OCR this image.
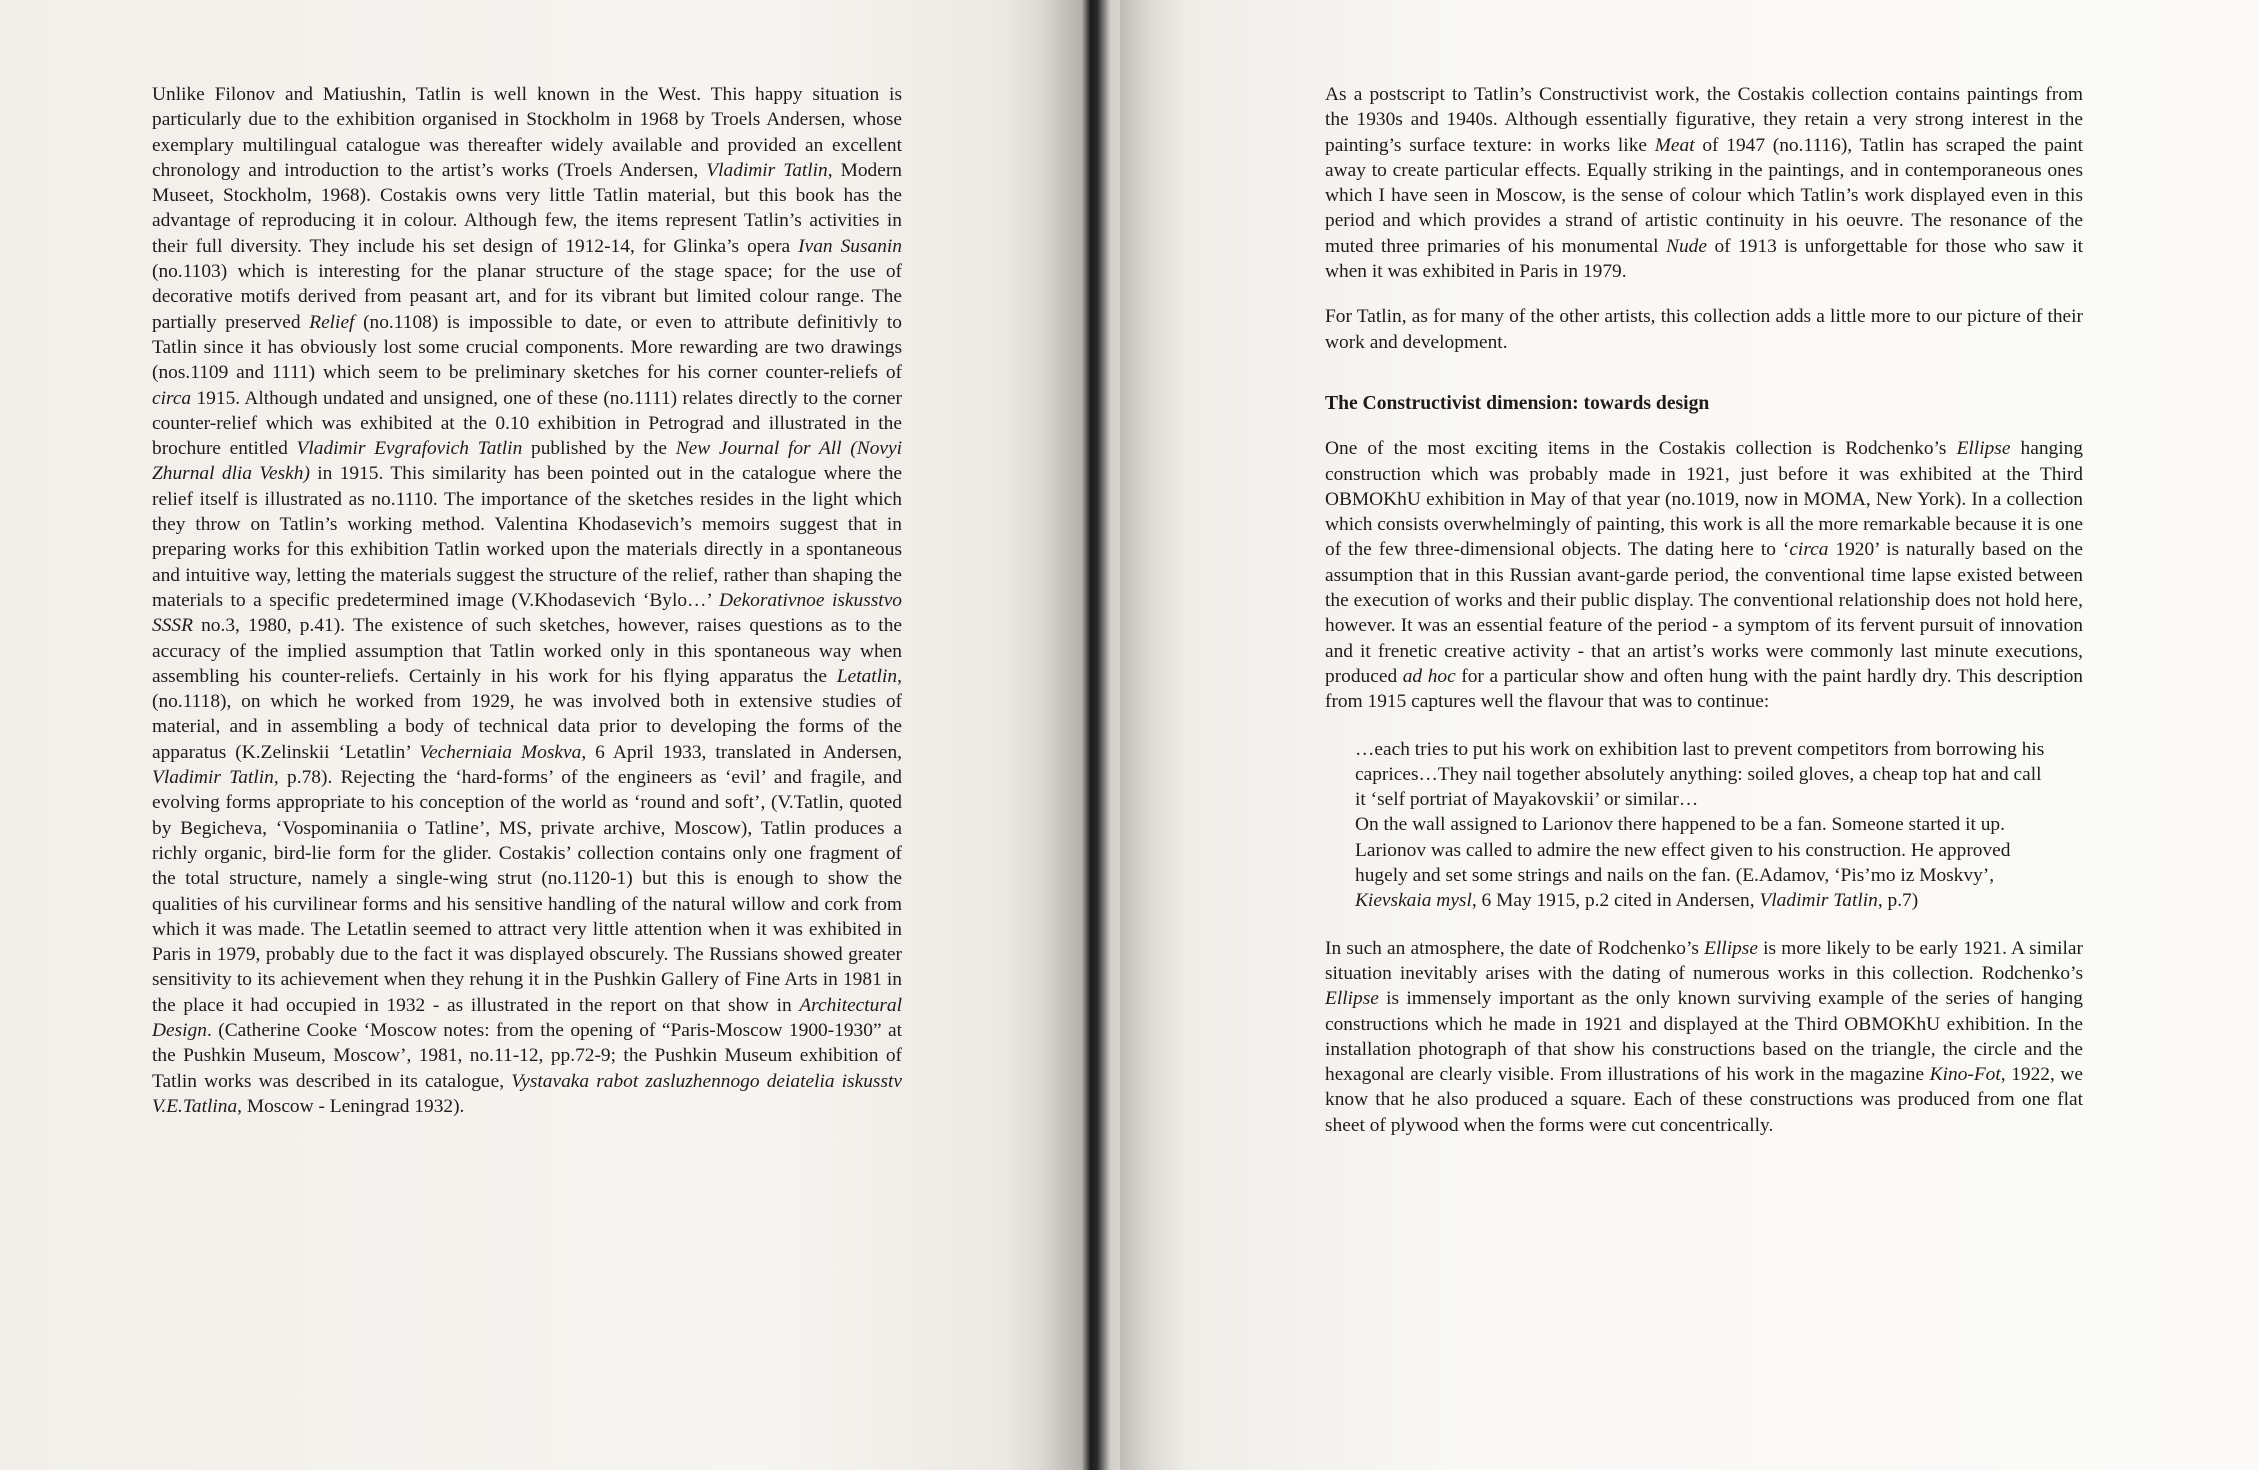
Unlike Filonov and Matiushin, Tatlin is well known in the West. This happy situation is particularly due to the exhibition organised in Stockholm in 1968 by Troels Andersen, whose exemplary multilingual catalogue was thereafter widely available and provided an excellent chronology and introduction to the artist’s works (Troels Andersen, Vladimir Tatlin, Modern Museet, Stockholm, 1968). Costakis owns very little Tatlin material, but this book has the advantage of reproducing it in colour. Although few, the items represent Tatlin’s activities in their full diversity. They include his set design of 1912-14, for Glinka’s opera Ivan Susanin (no.1103) which is interesting for the planar structure of the stage space; for the use of decorative motifs derived from peasant art, and for its vibrant but limited colour range. The partially preserved Relief (no.1108) is impossible to date, or even to attribute definitivly to Tatlin since it has obviously lost some crucial components. More rewarding are two drawings (nos.1109 and 1111) which seem to be preliminary sketches for his corner counter-reliefs of circa 1915. Although undated and unsigned, one of these (no.1111) relates directly to the corner counter-relief which was exhibited at the 0.10 exhibition in Petrograd and illustrated in the brochure entitled Vladimir Evgrafovich Tatlin published by the New Journal for All (Novyi Zhurnal dlia Veskh) in 1915. This similarity has been pointed out in the catalogue where the relief itself is illustrated as no.1110. The importance of the sketches resides in the light which they throw on Tatlin’s working method. Valentina Khodasevich’s memoirs suggest that in preparing works for this exhibition Tatlin worked upon the materials directly in a spontaneous and intuitive way, letting the materials suggest the structure of the relief, rather than shaping the materials to a specific predetermined image (V.Khodasevich ‘Bylo…’ Dekorativnoe iskusstvo SSSR no.3, 1980, p.41). The existence of such sketches, however, raises questions as to the accuracy of the implied assumption that Tatlin worked only in this spontaneous way when assembling his counter-reliefs. Certainly in his work for his flying apparatus the Letatlin, (no.1118), on which he worked from 1929, he was involved both in extensive studies of material, and in assembling a body of technical data prior to developing the forms of the apparatus (K.Zelinskii ‘Letatlin’ Vecherniaia Moskva, 6 April 1933, translated in Andersen, Vladimir Tatlin, p.78). Rejecting the ‘hard-forms’ of the engineers as ‘evil’ and fragile, and evolving forms appropriate to his conception of the world as ‘round and soft’, (V.Tatlin, quoted by Begicheva, ‘Vospominaniia o Tatline’, MS, private archive, Moscow), Tatlin produces a richly organic, bird-lie form for the glider. Costakis’ collection contains only one fragment of the total structure, namely a single-wing strut (no.1120-1) but this is enough to show the qualities of his curvilinear forms and his sensitive handling of the natural willow and cork from which it was made. The Letatlin seemed to attract very little attention when it was exhibited in Paris in 1979, probably due to the fact it was displayed obscurely. The Russians showed greater sensitivity to its achievement when they rehung it in the Pushkin Gallery of Fine Arts in 1981 in the place it had occupied in 1932 - as illustrated in the report on that show in Architectural Design. (Catherine Cooke ‘Moscow notes: from the opening of “Paris-Moscow 1900-1930” at the Pushkin Museum, Moscow’, 1981, no.11-12, pp.72-9; the Pushkin Museum exhibition of Tatlin works was described in its catalogue, Vystavaka rabot zasluzhennogo deiatelia iskusstv V.E.Tatlina, Moscow - Leningrad 1932).

As a postscript to Tatlin’s Constructivist work, the Costakis collection contains paintings from the 1930s and 1940s. Although essentially figurative, they retain a very strong interest in the painting’s surface texture: in works like Meat of 1947 (no.1116), Tatlin has scraped the paint away to create particular effects. Equally striking in the paintings, and in contemporaneous ones which I have seen in Moscow, is the sense of colour which Tatlin’s work displayed even in this period and which provides a strand of artistic continuity in his oeuvre. The resonance of the muted three primaries of his monumental Nude of 1913 is unforgettable for those who saw it when it was exhibited in Paris in 1979.

For Tatlin, as for many of the other artists, this collection adds a little more to our picture of their work and development.

The Constructivist dimension: towards design

One of the most exciting items in the Costakis collection is Rodchenko’s Ellipse hanging construction which was probably made in 1921, just before it was exhibited at the Third OBMOKhU exhibition in May of that year (no.1019, now in MOMA, New York). In a collection which consists overwhelmingly of painting, this work is all the more remarkable because it is one of the few three-dimensional objects. The dating here to ‘circa 1920’ is naturally based on the assumption that in this Russian avant-garde period, the conventional time lapse existed between the execution of works and their public display. The conventional relationship does not hold here, however. It was an essential feature of the period - a symptom of its fervent pursuit of innovation and it frenetic creative activity - that an artist’s works were commonly last minute executions, produced ad hoc for a particular show and often hung with the paint hardly dry. This description from 1915 captures well the flavour that was to continue:

…each tries to put his work on exhibition last to prevent competitors from borrowing his caprices…They nail together absolutely anything: soiled gloves, a cheap top hat and call it ‘self portriat of Mayakovskii’ or similar…

On the wall assigned to Larionov there happened to be a fan. Someone started it up. Larionov was called to admire the new effect given to his construction. He approved hugely and set some strings and nails on the fan. (E.Adamov, ‘Pis’mo iz Moskvy’, Kievskaia mysl, 6 May 1915, p.2 cited in Andersen, Vladimir Tatlin, p.7)

In such an atmosphere, the date of Rodchenko’s Ellipse is more likely to be early 1921. A similar situation inevitably arises with the dating of numerous works in this collection. Rodchenko’s Ellipse is immensely important as the only known surviving example of the series of hanging constructions which he made in 1921 and displayed at the Third OBMOKhU exhibition. In the installation photograph of that show his constructions based on the triangle, the circle and the hexagonal are clearly visible. From illustrations of his work in the magazine Kino-Fot, 1922, we know that he also produced a square. Each of these constructions was produced from one flat sheet of plywood when the forms were cut concentrically.
